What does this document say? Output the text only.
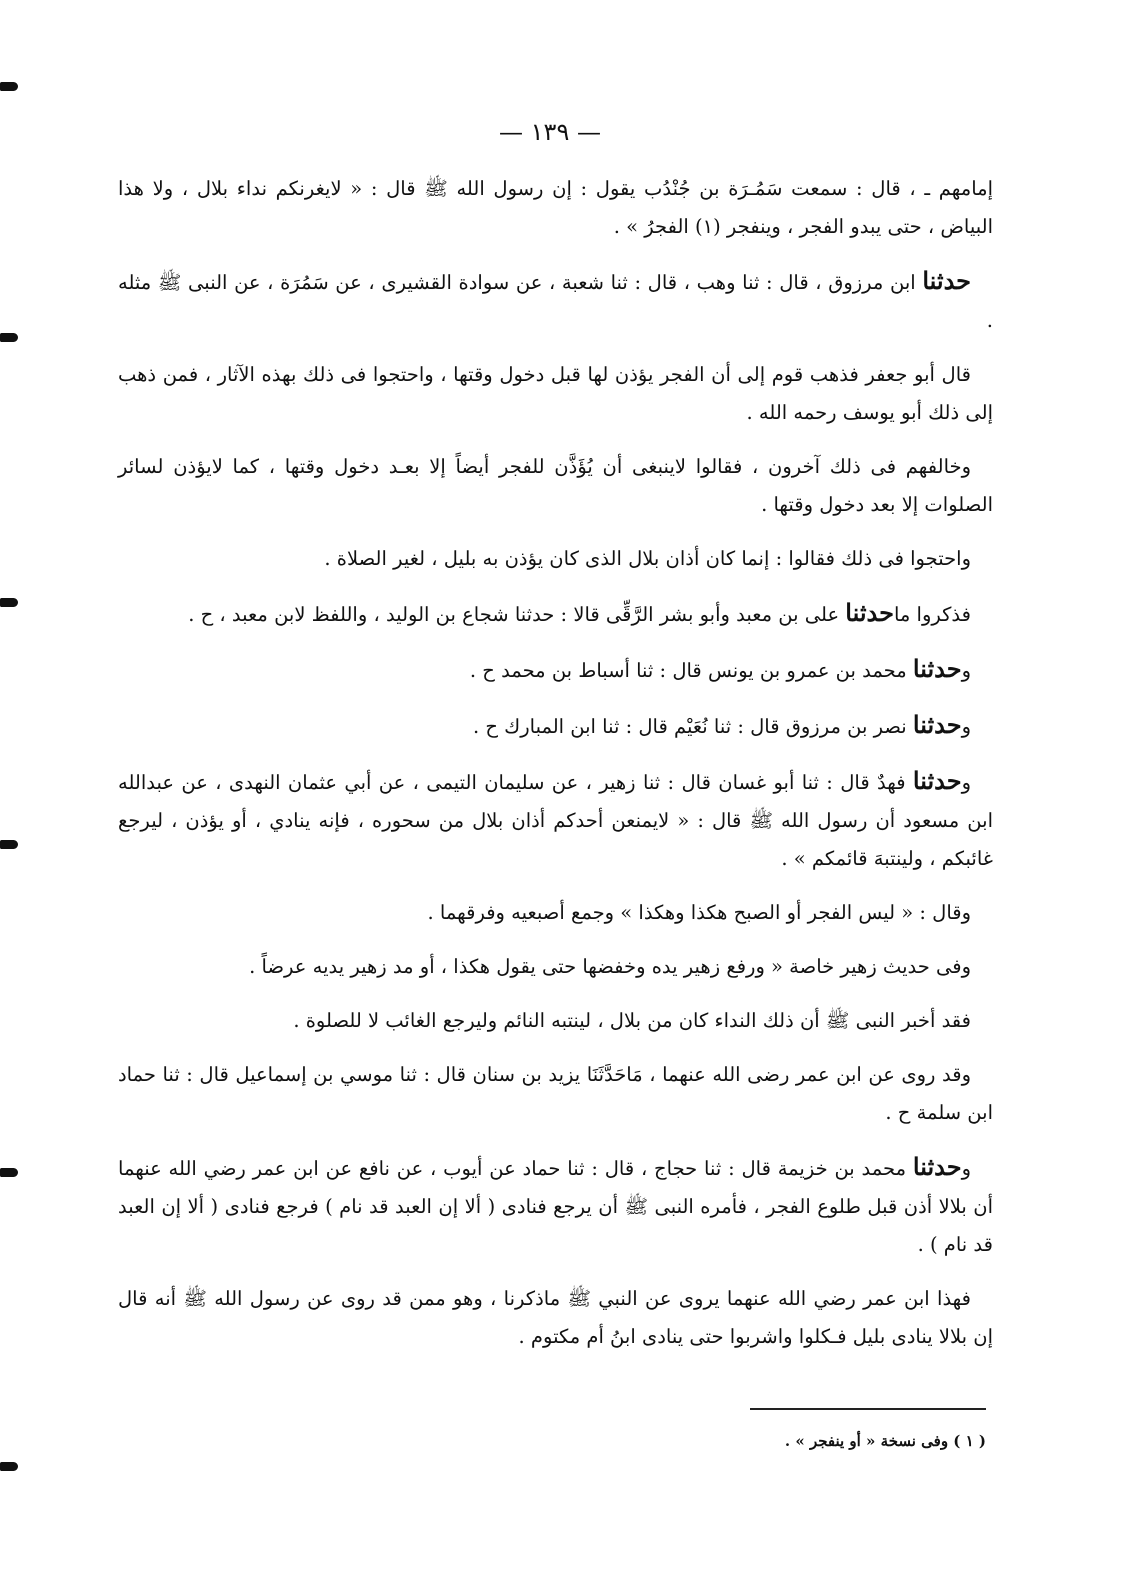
— ١٣٩ —

إمامهم ـ ، قال : سمعت سَمُـرَة بن جُنْدُب يقول : إن رسول الله ﷺ قال : « لايغرنكم نداء بلال ، ولا هذا البياض ، حتى يبدو الفجر ، وينفجر (١) الفجرُ » .

حدثنا ابن مرزوق ، قال : ثنا وهب ، قال : ثنا شعبة ، عن سوادة القشيرى ، عن سَمُرَة ، عن النبى ﷺ مثله .

قال أبو جعفر فذهب قوم إلى أن الفجر يؤذن لها قبل دخول وقتها ، واحتجوا فى ذلك بهذه الآثار ، فمن ذهب إلى ذلك أبو يوسف رحمه الله .

وخالفهم فى ذلك آخرون ، فقالوا لاينبغى أن يُؤَذَّن للفجر أيضاً إلا بعـد دخول وقتها ، كما لايؤذن لسائر الصلوات إلا بعد دخول وقتها .

واحتجوا فى ذلك فقالوا : إنما كان أذان بلال الذى كان يؤذن به بليل ، لغير الصلاة .

فذكروا ماحدثنا على بن معبد وأبو بشر الرَّقِّى قالا : حدثنا شجاع بن الوليد ، واللفظ لابن معبد ، ح .

وحدثنا محمد بن عمرو بن يونس قال : ثنا أسباط بن محمد ح .

وحدثنا نصر بن مرزوق قال : ثنا نُعَيْم قال : ثنا ابن المبارك ح .

وحدثنا فهدٌ قال : ثنا أبو غسان قال : ثنا زهير ، عن سليمان التيمى ، عن أبي عثمان النهدى ، عن عبدالله ابن مسعود أن رسول الله ﷺ قال : « لايمنعن أحدكم أذان بلال من سحوره ، فإنه ينادي ، أو يؤذن ، ليرجع غائبكم ، ولينتبهَ قائمكم » .

وقال : « ليس الفجر أو الصبح هكذا وهكذا » وجمع أصبعيه وفرقهما .

وفى حديث زهير خاصة « ورفع زهير يده وخفضها حتى يقول هكذا ، أو مد زهير يديه عرضاً .

فقد أخبر النبى ﷺ أن ذلك النداء كان من بلال ، لينتبه النائم وليرجع الغائب لا للصلوة .

وقد روى عن ابن عمر رضى الله عنهما ، مَاحَدَّثَنَا يزيد بن سنان قال : ثنا موسي بن إسماعيل قال : ثنا حماد ابن سلمة ح .

وحدثنا محمد بن خزيمة قال : ثنا حجاج ، قال : ثنا حماد عن أيوب ، عن نافع عن ابن عمر رضي الله عنهما أن بلالا أذن قبل طلوع الفجر ، فأمره النبى ﷺ أن يرجع فنادى ( ألا إن العبد قد نام ) فرجع فنادى ( ألا إن العبد قد نام ) .

فهذا ابن عمر رضي الله عنهما يروى عن النبي ﷺ ماذكرنا ، وهو ممن قد روى عن رسول الله ﷺ أنه قال إن بلالا ينادى بليل فـكلوا واشربوا حتى ينادى ابنُ أم مكتوم .

( ١ ) وفى نسخة « أو ينفجر » .
